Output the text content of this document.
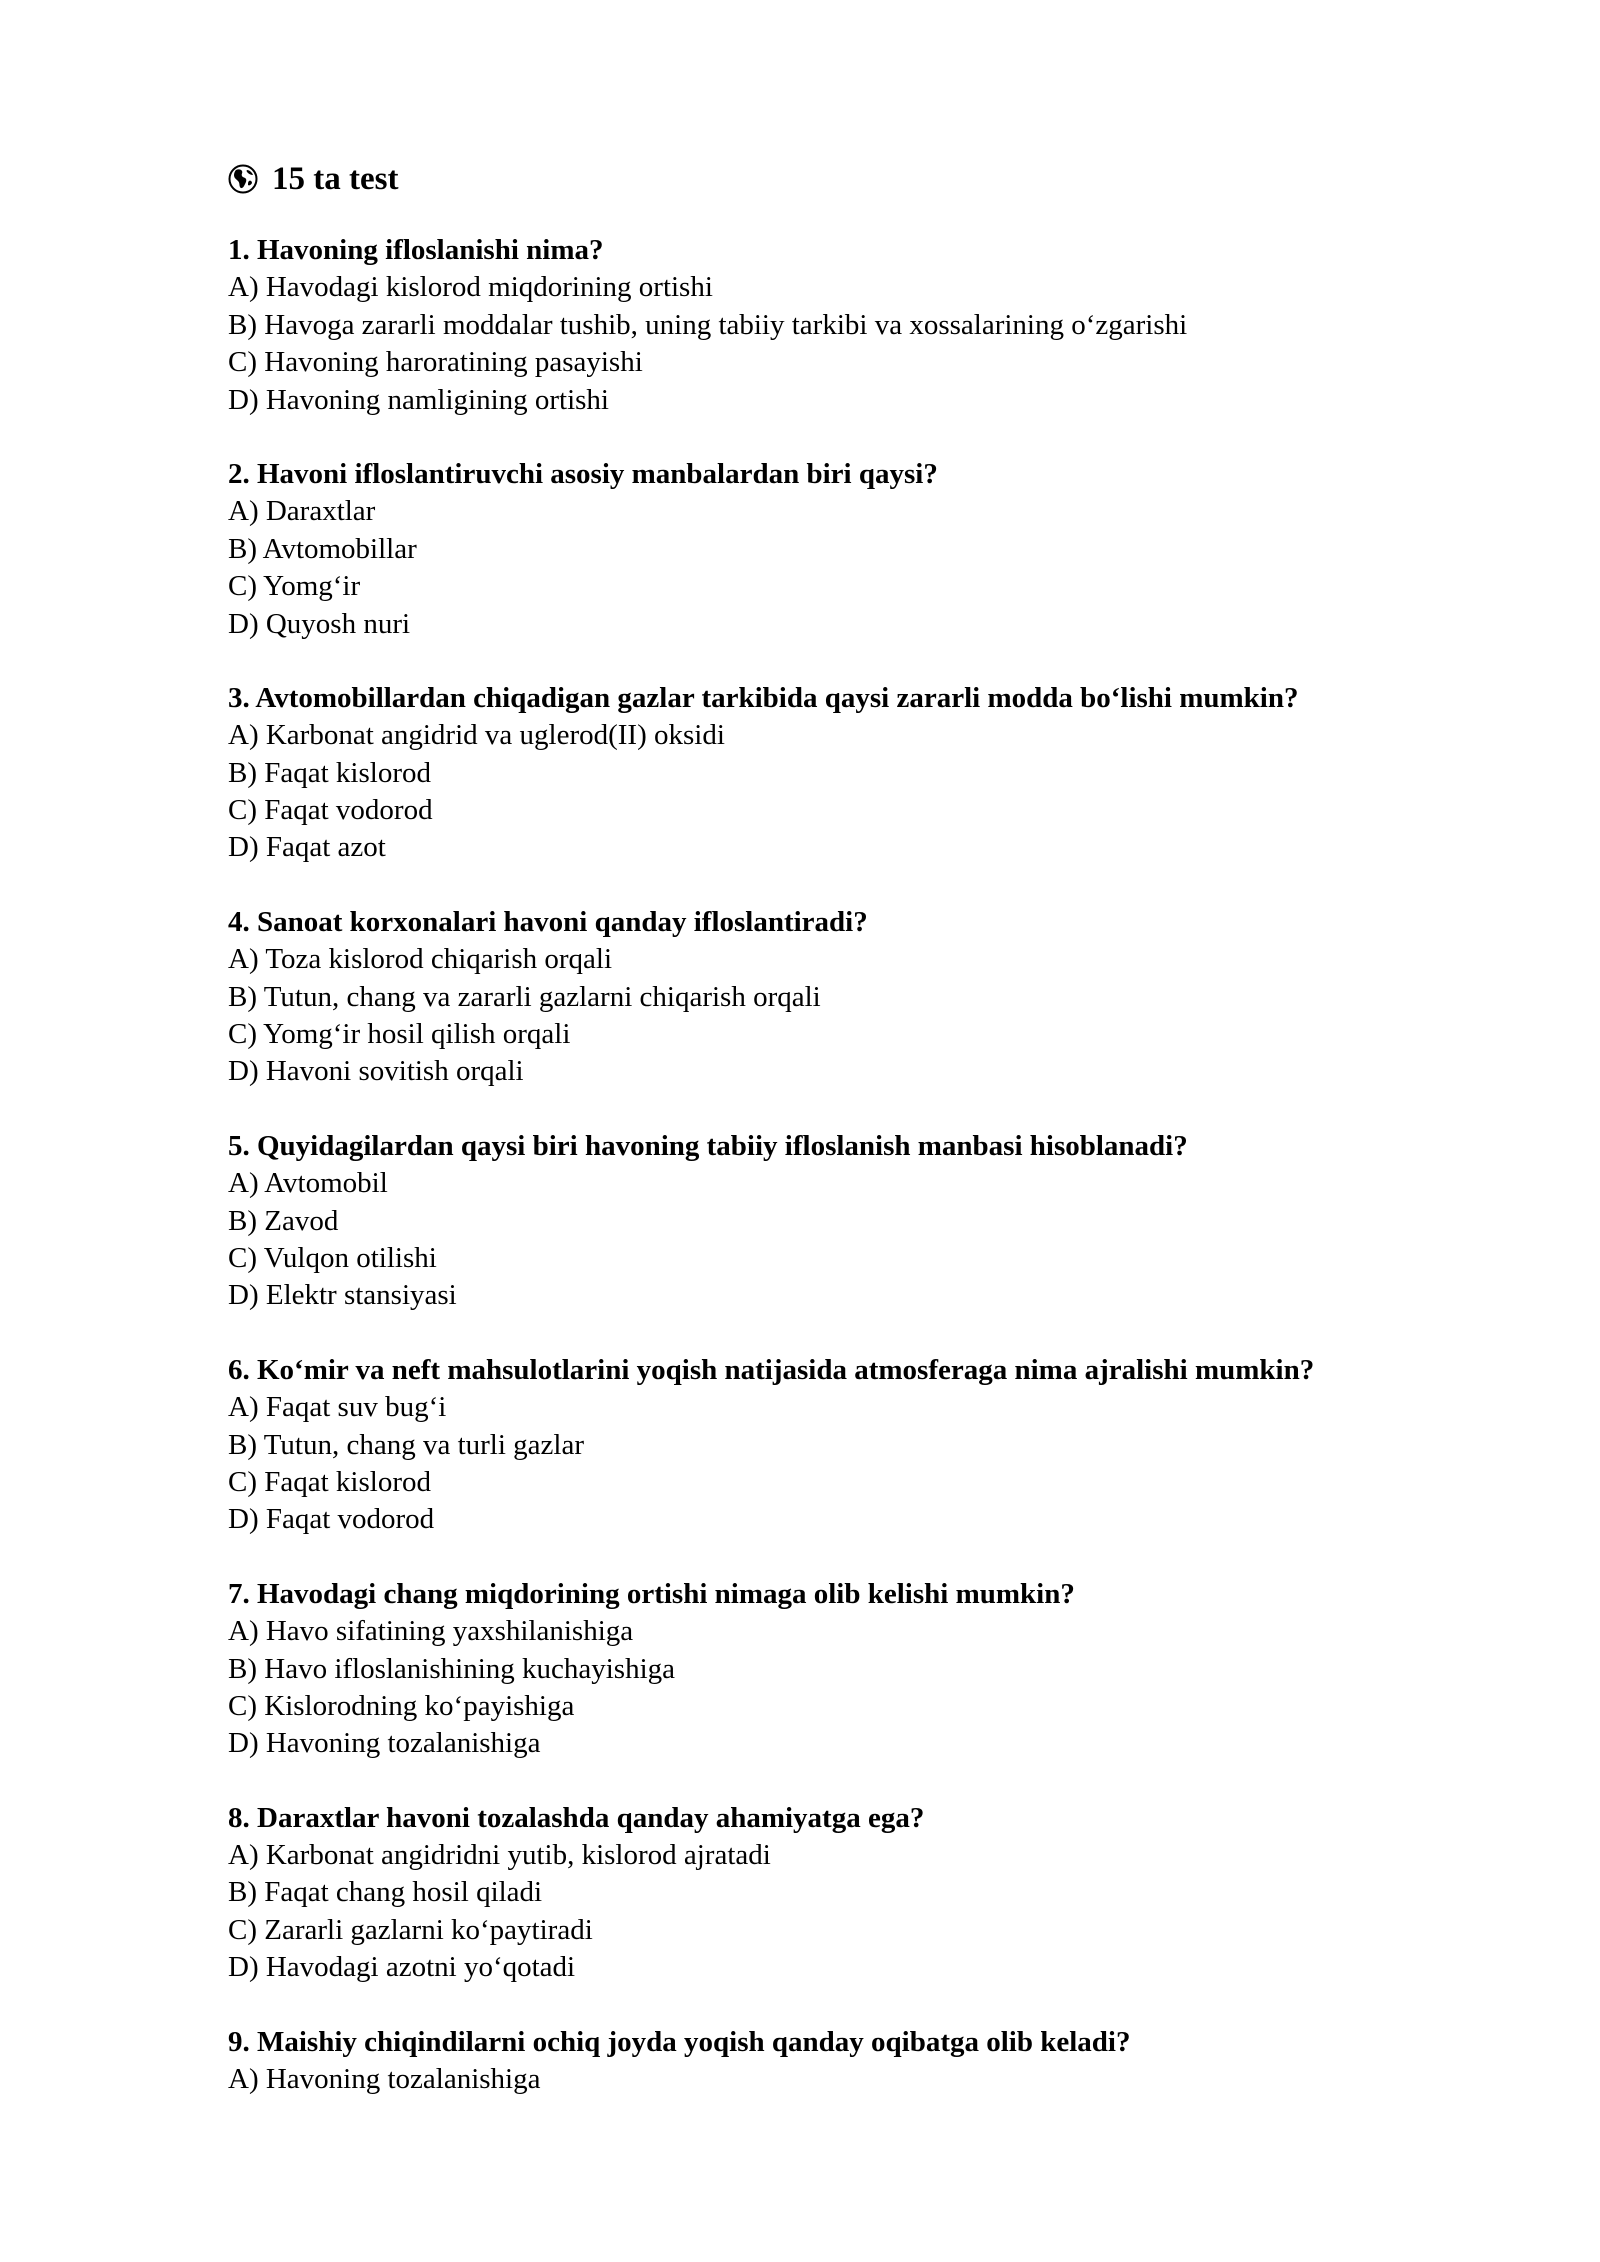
15 ta test
1. Havoning ifloslanishi nima?
A) Havodagi kislorod miqdorining ortishi
B) Havoga zararli moddalar tushib, uning tabiiy tarkibi va xossalarining o‘zgarishi
C) Havoning haroratining pasayishi
D) Havoning namligining ortishi
2. Havoni ifloslantiruvchi asosiy manbalardan biri qaysi?
A) Daraxtlar
B) Avtomobillar
C) Yomg‘ir
D) Quyosh nuri
3. Avtomobillardan chiqadigan gazlar tarkibida qaysi zararli modda bo‘lishi mumkin?
A) Karbonat angidrid va uglerod(II) oksidi
B) Faqat kislorod
C) Faqat vodorod
D) Faqat azot
4. Sanoat korxonalari havoni qanday ifloslantiradi?
A) Toza kislorod chiqarish orqali
B) Tutun, chang va zararli gazlarni chiqarish orqali
C) Yomg‘ir hosil qilish orqali
D) Havoni sovitish orqali
5. Quyidagilardan qaysi biri havoning tabiiy ifloslanish manbasi hisoblanadi?
A) Avtomobil
B) Zavod
C) Vulqon otilishi
D) Elektr stansiyasi
6. Ko‘mir va neft mahsulotlarini yoqish natijasida atmosferaga nima ajralishi mumkin?
A) Faqat suv bug‘i
B) Tutun, chang va turli gazlar
C) Faqat kislorod
D) Faqat vodorod
7. Havodagi chang miqdorining ortishi nimaga olib kelishi mumkin?
A) Havo sifatining yaxshilanishiga
B) Havo ifloslanishining kuchayishiga
C) Kislorodning ko‘payishiga
D) Havoning tozalanishiga
8. Daraxtlar havoni tozalashda qanday ahamiyatga ega?
A) Karbonat angidridni yutib, kislorod ajratadi
B) Faqat chang hosil qiladi
C) Zararli gazlarni ko‘paytiradi
D) Havodagi azotni yo‘qotadi
9. Maishiy chiqindilarni ochiq joyda yoqish qanday oqibatga olib keladi?
A) Havoning tozalanishiga
